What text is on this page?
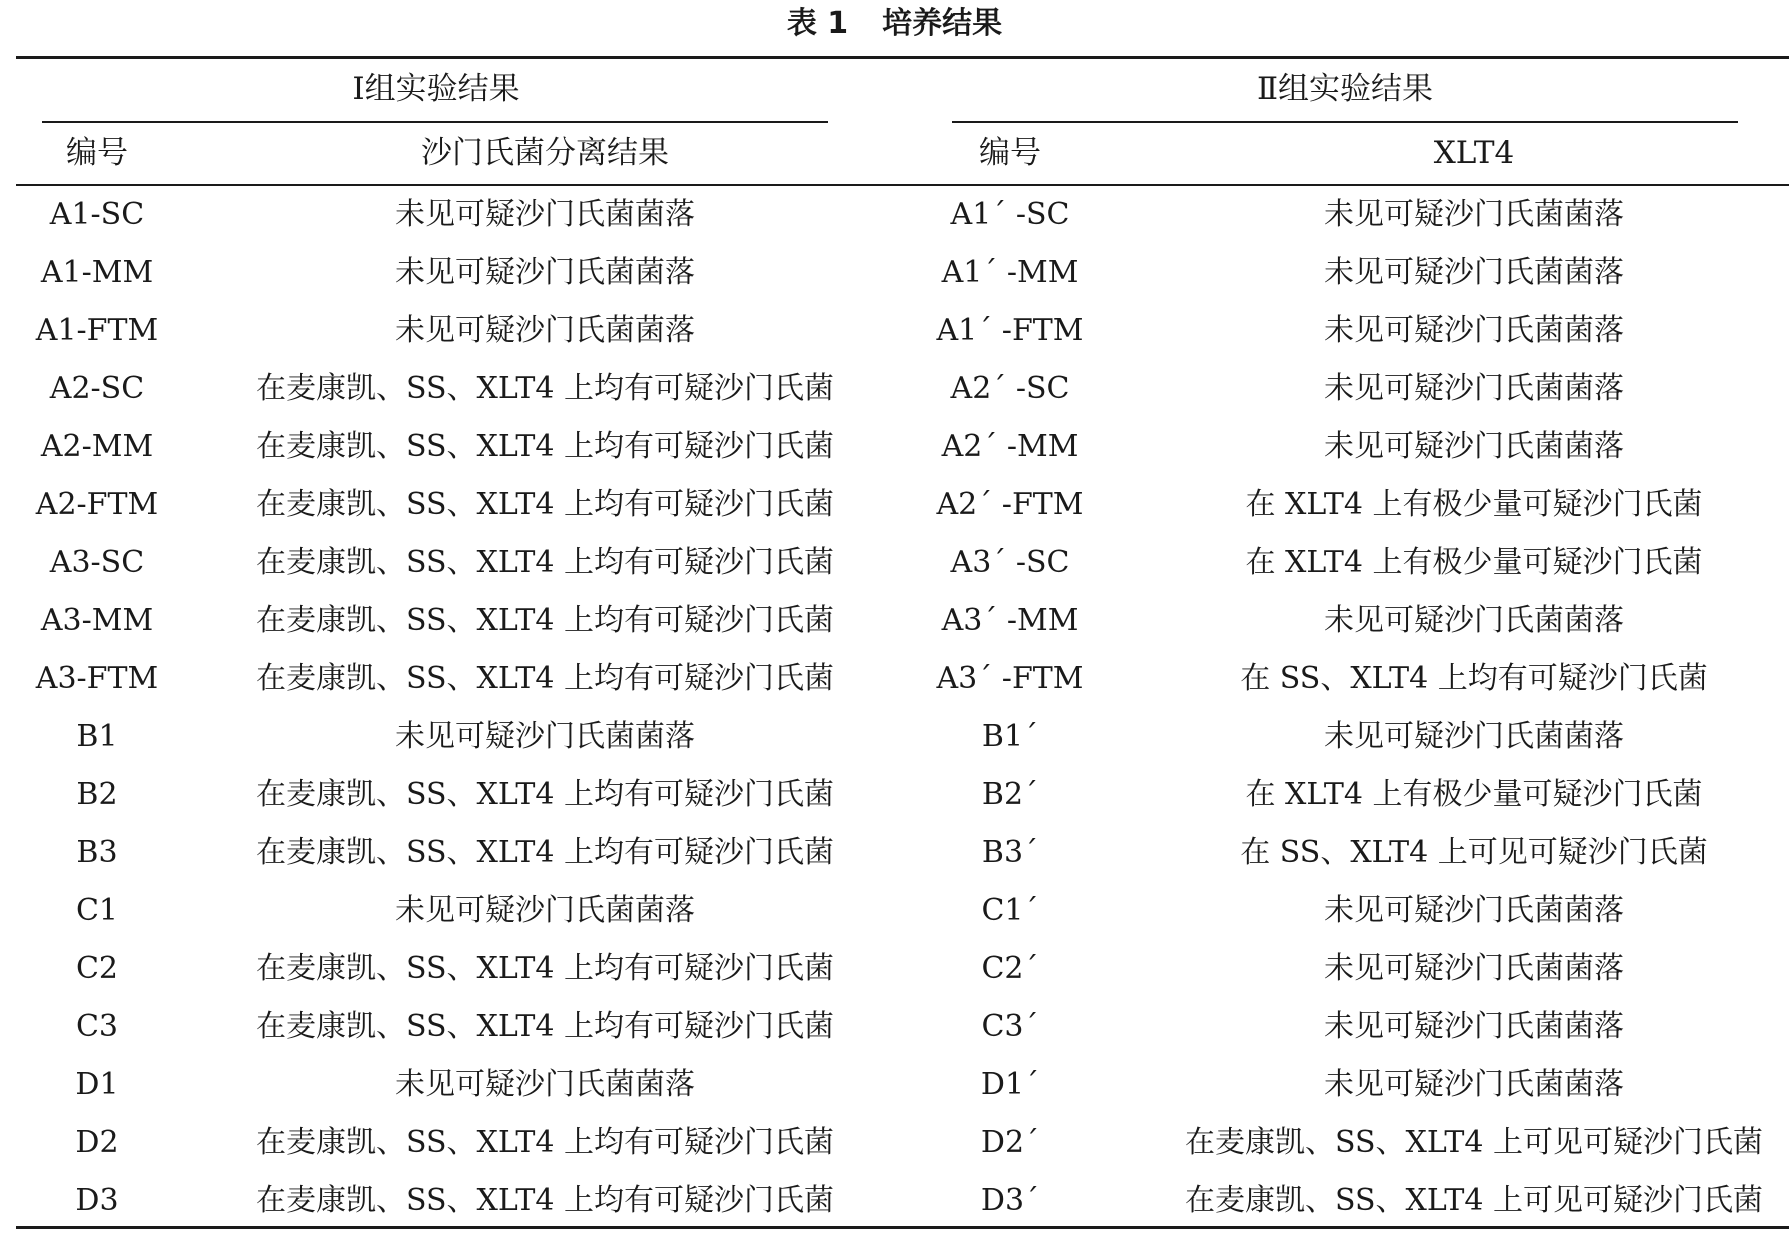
表 1 培养结果
Ⅰ组实验结果	Ⅱ组实验结果
编号	沙门氏菌分离结果	编号	XLT4
A1-SC	未见可疑沙门氏菌菌落	A1´ -SC	未见可疑沙门氏菌菌落
A1-MM	未见可疑沙门氏菌菌落	A1´ -MM	未见可疑沙门氏菌菌落
A1-FTM	未见可疑沙门氏菌菌落	A1´ -FTM	未见可疑沙门氏菌菌落
A2-SC	在麦康凯、SS、XLT4 上均有可疑沙门氏菌	A2´ -SC	未见可疑沙门氏菌菌落
A2-MM	在麦康凯、SS、XLT4 上均有可疑沙门氏菌	A2´ -MM	未见可疑沙门氏菌菌落
A2-FTM	在麦康凯、SS、XLT4 上均有可疑沙门氏菌	A2´ -FTM	在 XLT4 上有极少量可疑沙门氏菌
A3-SC	在麦康凯、SS、XLT4 上均有可疑沙门氏菌	A3´ -SC	在 XLT4 上有极少量可疑沙门氏菌
A3-MM	在麦康凯、SS、XLT4 上均有可疑沙门氏菌	A3´ -MM	未见可疑沙门氏菌菌落
A3-FTM	在麦康凯、SS、XLT4 上均有可疑沙门氏菌	A3´ -FTM	在 SS、XLT4 上均有可疑沙门氏菌
B1	未见可疑沙门氏菌菌落	B1´	未见可疑沙门氏菌菌落
B2	在麦康凯、SS、XLT4 上均有可疑沙门氏菌	B2´	在 XLT4 上有极少量可疑沙门氏菌
B3	在麦康凯、SS、XLT4 上均有可疑沙门氏菌	B3´	在 SS、XLT4 上可见可疑沙门氏菌
C1	未见可疑沙门氏菌菌落	C1´	未见可疑沙门氏菌菌落
C2	在麦康凯、SS、XLT4 上均有可疑沙门氏菌	C2´	未见可疑沙门氏菌菌落
C3	在麦康凯、SS、XLT4 上均有可疑沙门氏菌	C3´	未见可疑沙门氏菌菌落
D1	未见可疑沙门氏菌菌落	D1´	未见可疑沙门氏菌菌落
D2	在麦康凯、SS、XLT4 上均有可疑沙门氏菌	D2´	在麦康凯、SS、XLT4 上可见可疑沙门氏菌
D3	在麦康凯、SS、XLT4 上均有可疑沙门氏菌	D3´	在麦康凯、SS、XLT4 上可见可疑沙门氏菌
